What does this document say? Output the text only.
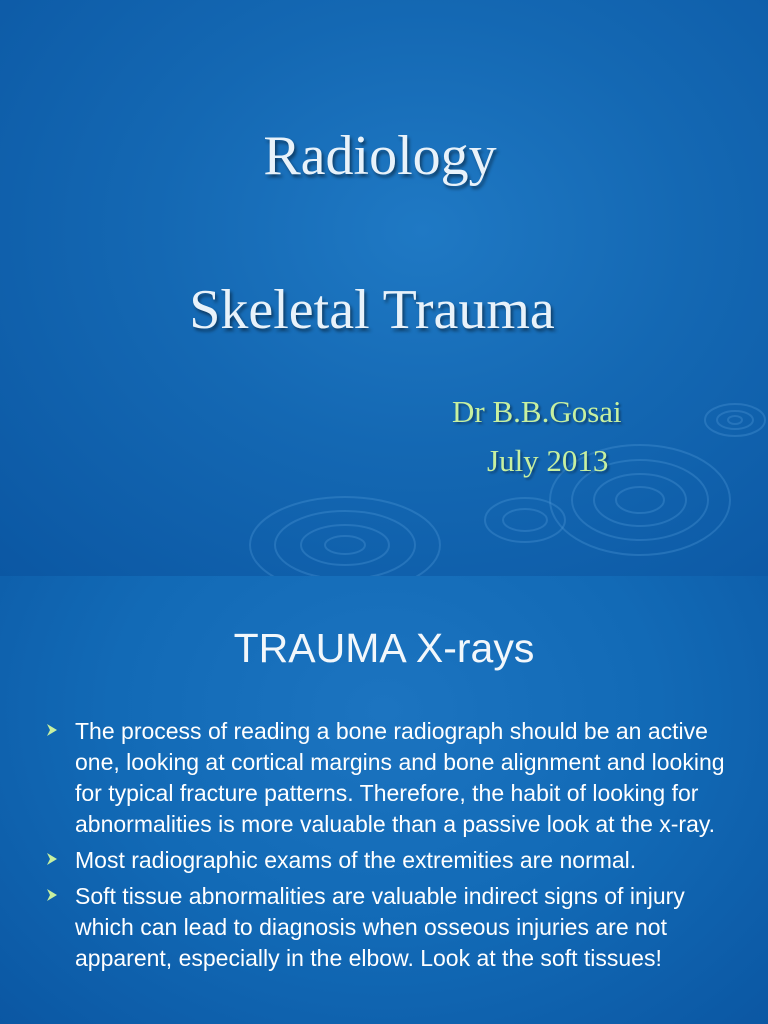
Radiology
Skeletal Trauma
Dr B.B.Gosai
July 2013
TRAUMA X-rays
The process of reading a bone radiograph should be an active one, looking at cortical margins and bone alignment and looking for typical fracture patterns. Therefore, the habit of looking for abnormalities is more valuable than a passive look at the x-ray.
Most radiographic exams of the extremities are normal.
Soft tissue abnormalities are valuable indirect signs of injury which can lead to diagnosis when osseous injuries are not apparent, especially in the elbow. Look at the soft tissues!
